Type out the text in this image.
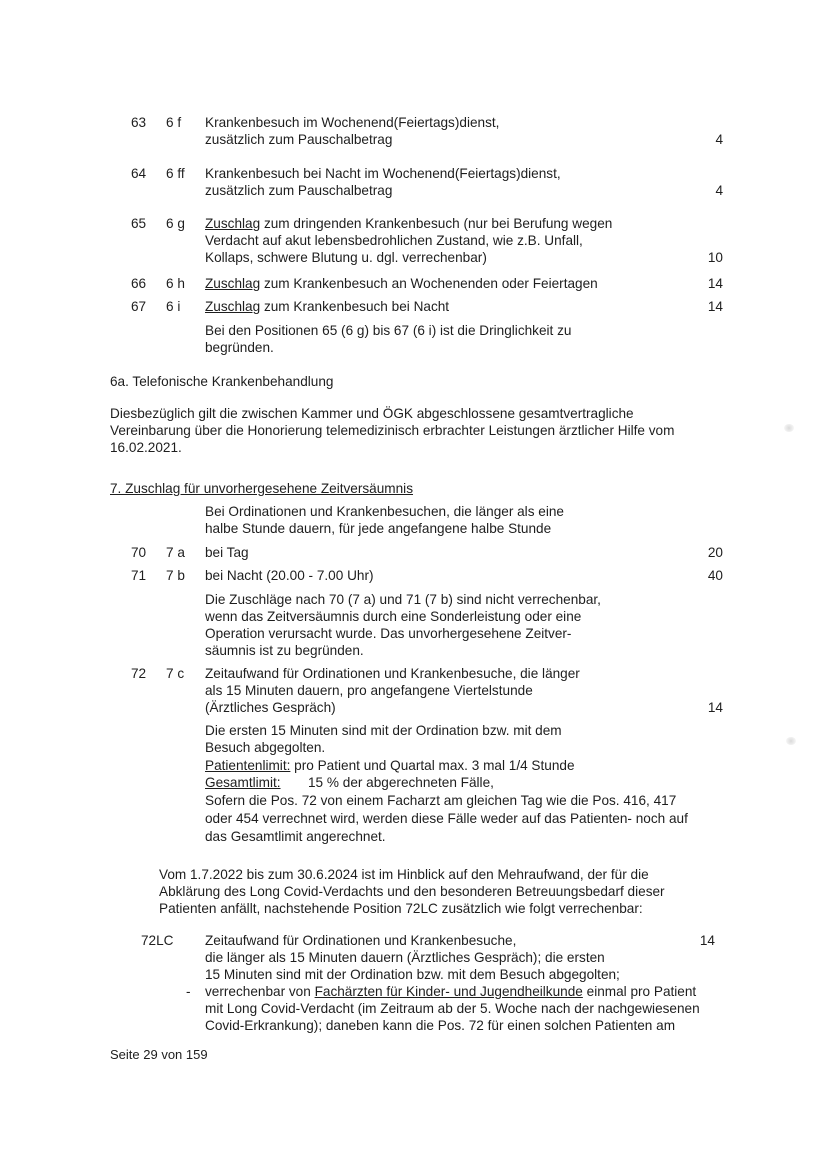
63 6 f Krankenbesuch im Wochenend(Feiertags)dienst,
zusätzlich zum Pauschalbetrag	4
64 6 ff Krankenbesuch bei Nacht im Wochenend(Feiertags)dienst,
zusätzlich zum Pauschalbetrag	4
65 6 g Zuschlag zum dringenden Krankenbesuch (nur bei Berufung wegen
Verdacht auf akut lebensbedrohlichen Zustand, wie z.B. Unfall,
Kollaps, schwere Blutung u. dgl. verrechenbar)	10
66 6 h Zuschlag zum Krankenbesuch an Wochenenden oder Feiertagen	14
67 6 i Zuschlag zum Krankenbesuch bei Nacht	14
Bei den Positionen 65 (6 g) bis 67 (6 i) ist die Dringlichkeit zu
begründen.
6a. Telefonische Krankenbehandlung
Diesbezüglich gilt die zwischen Kammer und ÖGK abgeschlossene gesamtvertragliche
Vereinbarung über die Honorierung telemedizinisch erbrachter Leistungen ärztlicher Hilfe vom
16.02.2021.
7. Zuschlag für unvorhergesehene Zeitversäumnis
Bei Ordinationen und Krankenbesuchen, die länger als eine
halbe Stunde dauern, für jede angefangene halbe Stunde
70 7 a bei Tag	20
71 7 b bei Nacht (20.00 - 7.00 Uhr)	40
Die Zuschläge nach 70 (7 a) und 71 (7 b) sind nicht verrechenbar,
wenn das Zeitversäumnis durch eine Sonderleistung oder eine
Operation verursacht wurde. Das unvorhergesehene Zeitver-
säumnis ist zu begründen.
72 7 c Zeitaufwand für Ordinationen und Krankenbesuche, die länger
als 15 Minuten dauern, pro angefangene Viertelstunde
(Ärztliches Gespräch)	14
Die ersten 15 Minuten sind mit der Ordination bzw. mit dem
Besuch abgegolten.
Patientenlimit: pro Patient und Quartal max. 3 mal 1/4 Stunde
Gesamtlimit: 15 % der abgerechneten Fälle,
Sofern die Pos. 72 von einem Facharzt am gleichen Tag wie die Pos. 416, 417
oder 454 verrechnet wird, werden diese Fälle weder auf das Patienten- noch auf
das Gesamtlimit angerechnet.
Vom 1.7.2022 bis zum 30.6.2024 ist im Hinblick auf den Mehraufwand, der für die
Abklärung des Long Covid-Verdachts und den besonderen Betreuungsbedarf dieser
Patienten anfällt, nachstehende Position 72LC zusätzlich wie folgt verrechenbar:
72LC Zeitaufwand für Ordinationen und Krankenbesuche,	14
die länger als 15 Minuten dauern (Ärztliches Gespräch); die ersten
15 Minuten sind mit der Ordination bzw. mit dem Besuch abgegolten;
- verrechenbar von Fachärzten für Kinder- und Jugendheilkunde einmal pro Patient
mit Long Covid-Verdacht (im Zeitraum ab der 5. Woche nach der nachgewiesenen
Covid-Erkrankung); daneben kann die Pos. 72 für einen solchen Patienten am
Seite 29 von 159
